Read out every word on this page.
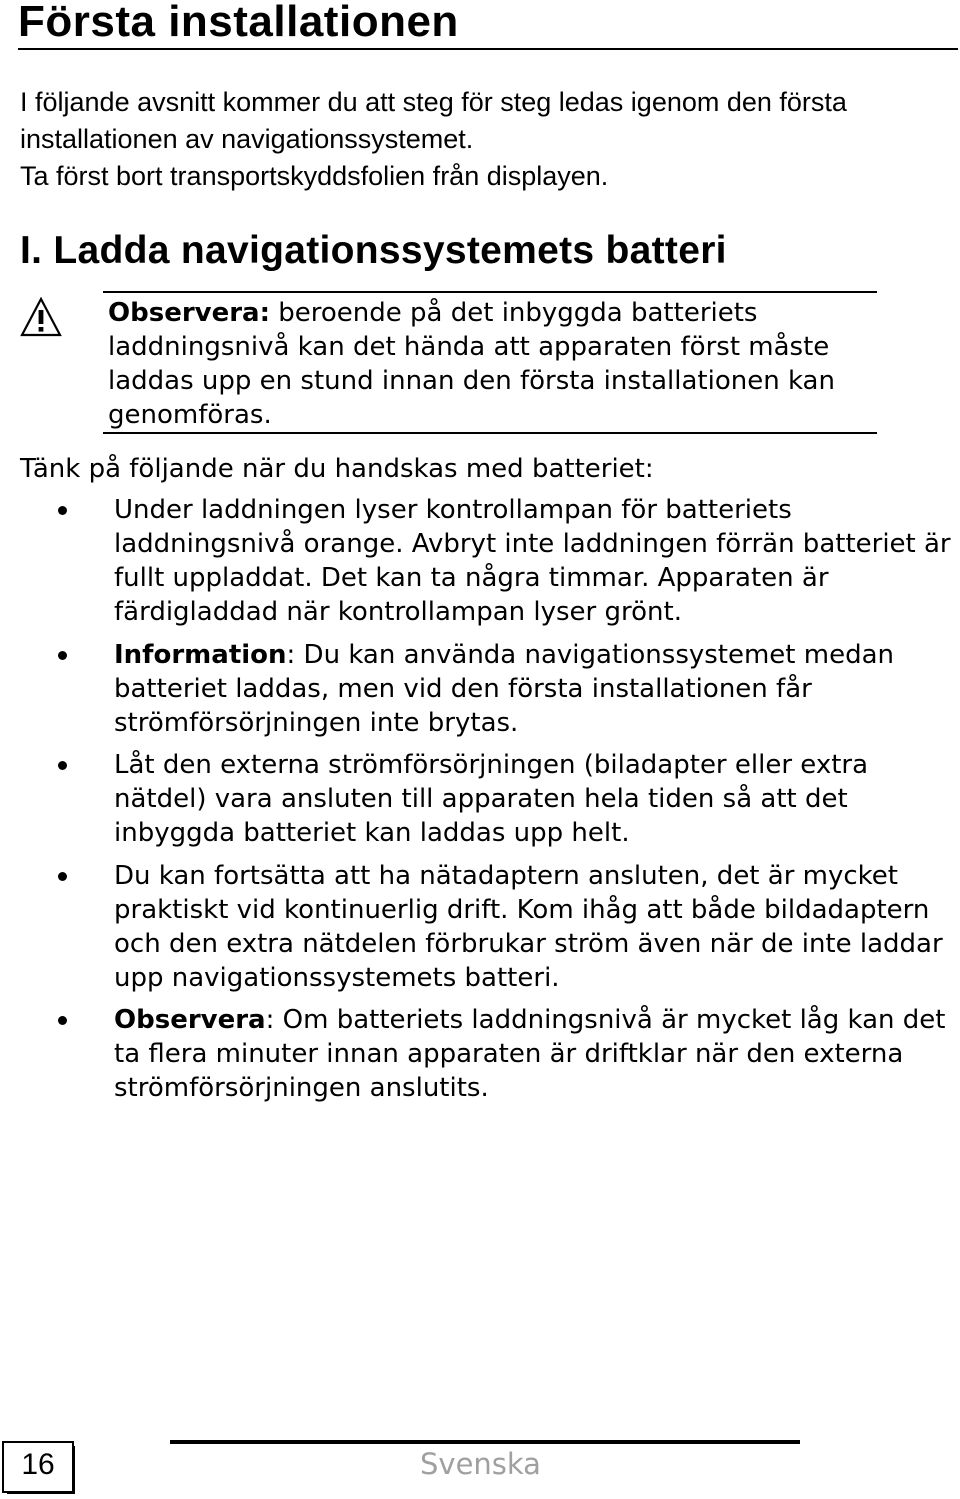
Första installationen

I följande avsnitt kommer du att steg för steg ledas igenom den första installationen av navigationssystemet.

Ta först bort transportskyddsfolien från displayen.

I. Ladda navigationssystemets batteri

Observera: beroende på det inbyggda batteriets laddningsnivå kan det hända att apparaten först måste laddas upp en stund innan den första installationen kan genomföras.

Tänk på följande när du handskas med batteriet:

Under laddningen lyser kontrollampan för batteriets laddningsnivå orange. Avbryt inte laddningen förrän batteriet är fullt uppladdat. Det kan ta några timmar. Apparaten är färdigladdad när kontrollampan lyser grönt.
Information: Du kan använda navigationssystemet medan batteriet laddas, men vid den första installationen får strömförsörjningen inte brytas.
Låt den externa strömförsörjningen (biladapter eller extra nätdel) vara ansluten till apparaten hela tiden så att det inbyggda batteriet kan laddas upp helt.
Du kan fortsätta att ha nätadaptern ansluten, det är mycket praktiskt vid kontinuerlig drift. Kom ihåg att både bildadaptern och den extra nätdelen förbrukar ström även när de inte laddar upp navigationssystemets batteri.
Observera: Om batteriets laddningsnivå är mycket låg kan det ta flera minuter innan apparaten är driftklar när den externa strömförsörjningen anslutits.
16	Svenska
